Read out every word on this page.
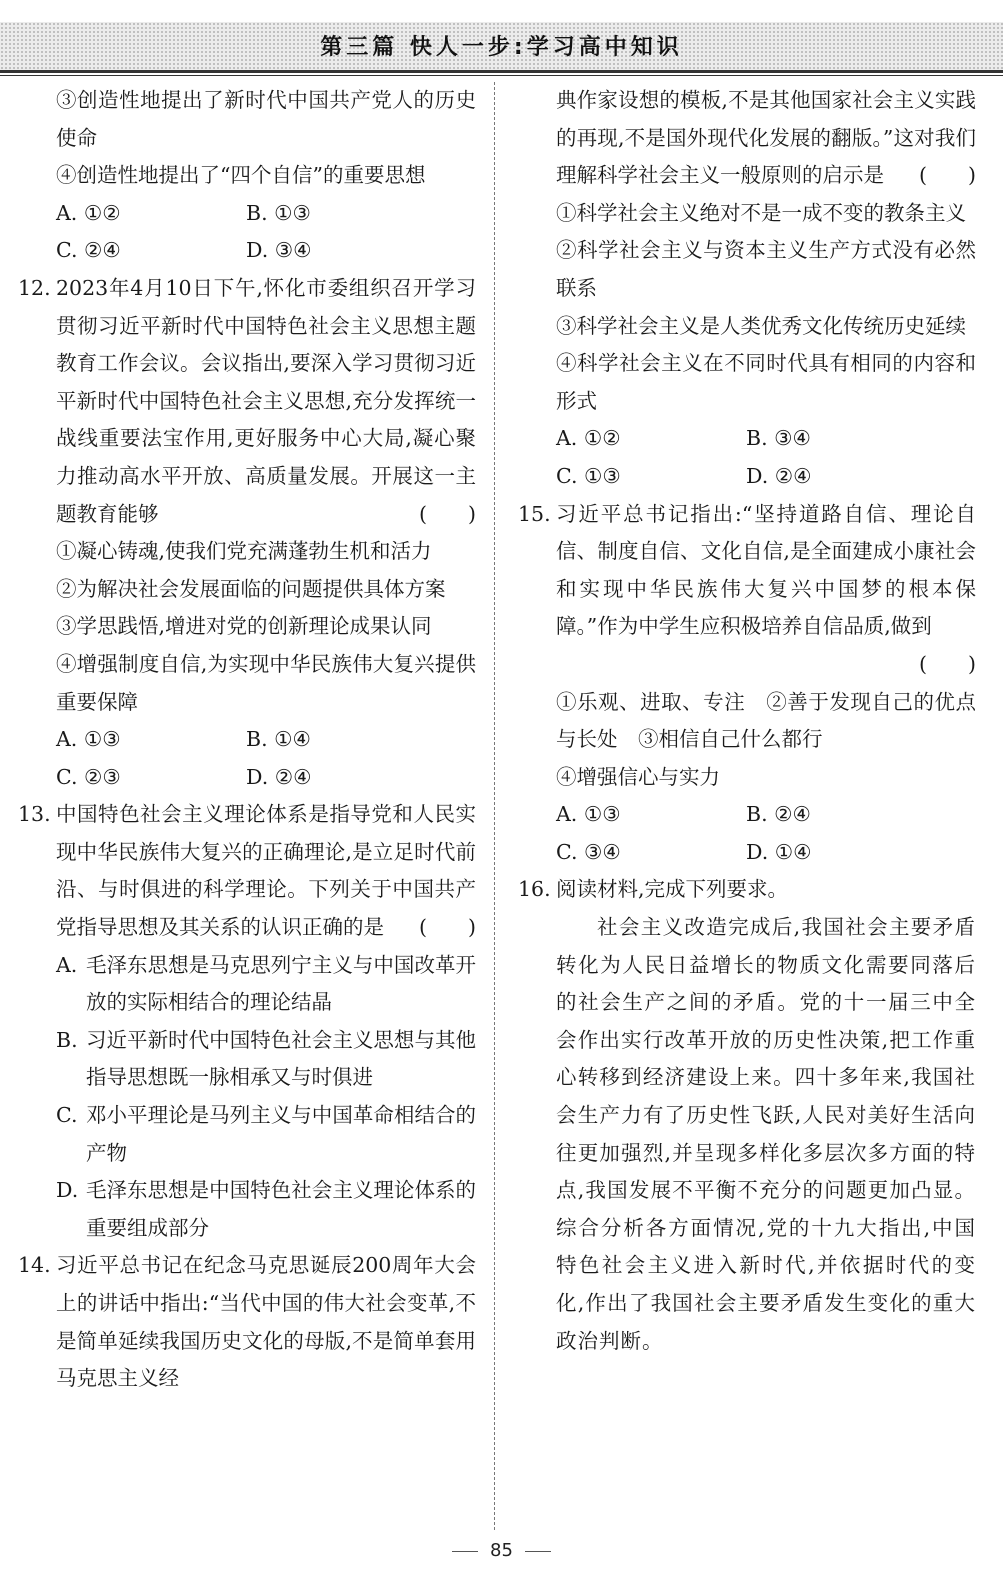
第三篇 快人一步:学习高中知识

③创造性地提出了新时代中国共产党人的历史使命

④创造性地提出了“四个自信”的重要思想

A. ①②	B. ①③
C. ②④	D. ③④
12. 2023年4月10日下午,怀化市委组织召开学习贯彻习近平新时代中国特色社会主义思想主题教育工作会议。会议指出,要深入学习贯彻习近平新时代中国特色社会主义思想,充分发挥统一战线重要法宝作用,更好服务中心大局,凝心聚力推动高水平开放、高质量发展。开展这一主题教育能够	(　　)

①凝心铸魂,使我们党充满蓬勃生机和活力

②为解决社会发展面临的问题提供具体方案

③学思践悟,增进对党的创新理论成果认同

④增强制度自信,为实现中华民族伟大复兴提供重要保障

A. ①③	B. ①④
C. ②③	D. ②④
13. 中国特色社会主义理论体系是指导党和人民实现中华民族伟大复兴的正确理论,是立足时代前沿、与时俱进的科学理论。下列关于中国共产党指导思想及其关系的认识正确的是 (　　)
A. 毛泽东思想是马克思列宁主义与中国改革开放的实际相结合的理论结晶
B. 习近平新时代中国特色社会主义思想与其他指导思想既一脉相承又与时俱进
C. 邓小平理论是马列主义与中国革命相结合的产物
D. 毛泽东思想是中国特色社会主义理论体系的重要组成部分
14. 习近平总书记在纪念马克思诞辰200周年大会上的讲话中指出:“当代中国的伟大社会变革,不是简单延续我国历史文化的母版,不是简单套用马克思主义经
典作家设想的模板,不是其他国家社会主义实践的再现,不是国外现代化发展的翻版。”这对我们理解科学社会主义一般原则的启示是 (　　)

①科学社会主义绝对不是一成不变的教条主义

②科学社会主义与资本主义生产方式没有必然联系

③科学社会主义是人类优秀文化传统历史延续

④科学社会主义在不同时代具有相同的内容和形式

A. ①②	B. ③④
C. ①③	D. ②④
15. 习近平总书记指出:“坚持道路自信、理论自信、制度自信、文化自信,是全面建成小康社会和实现中华民族伟大复兴中国梦的根本保障。”作为中学生应积极培养自信品质,做到
(　　)

①乐观、进取、专注　②善于发现自己的优点与长处　③相信自己什么都行

④增强信心与实力

A. ①③	B. ②④
C. ③④	D. ①④
16. 阅读材料,完成下列要求。

社会主义改造完成后,我国社会主要矛盾转化为人民日益增长的物质文化需要同落后的社会生产之间的矛盾。党的十一届三中全会作出实行改革开放的历史性决策,把工作重心转移到经济建设上来。四十多年来,我国社会生产力有了历史性飞跃,人民对美好生活向往更加强烈,并呈现多样化多层次多方面的特点,我国发展不平衡不充分的问题更加凸显。综合分析各方面情况,党的十九大指出,中国特色社会主义进入新时代,并依据时代的变化,作出了我国社会主要矛盾发生变化的重大政治判断。

85
